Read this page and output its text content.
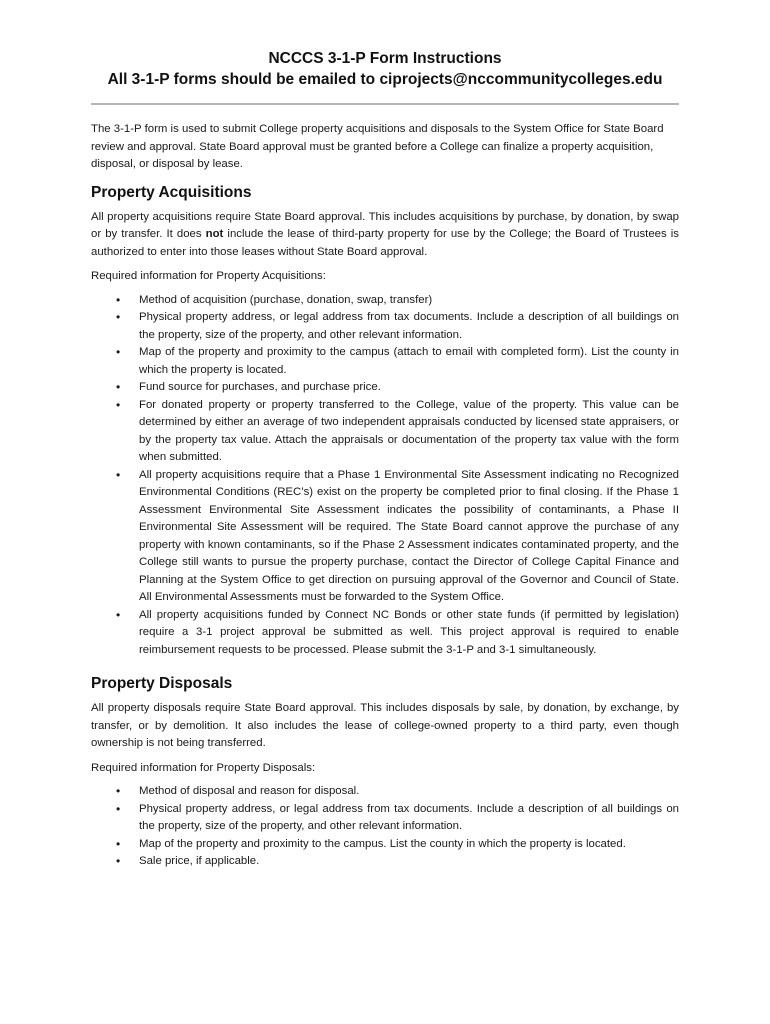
NCCCS 3-1-P Form Instructions
All 3-1-P forms should be emailed to ciprojects@nccommunitycolleges.edu

The 3-1-P form is used to submit College property acquisitions and disposals to the System Office for State Board review and approval. State Board approval must be granted before a College can finalize a property acquisition, disposal, or disposal by lease.

Property Acquisitions

All property acquisitions require State Board approval. This includes acquisitions by purchase, by donation, by swap or by transfer. It does not include the lease of third-party property for use by the College; the Board of Trustees is authorized to enter into those leases without State Board approval.

Required information for Property Acquisitions:

• Method of acquisition (purchase, donation, swap, transfer)
• Physical property address, or legal address from tax documents. Include a description of all buildings on the property, size of the property, and other relevant information.
• Map of the property and proximity to the campus (attach to email with completed form). List the county in which the property is located.
• Fund source for purchases, and purchase price.
• For donated property or property transferred to the College, value of the property. This value can be determined by either an average of two independent appraisals conducted by licensed state appraisers, or by the property tax value. Attach the appraisals or documentation of the property tax value with the form when submitted.
• All property acquisitions require that a Phase 1 Environmental Site Assessment indicating no Recognized Environmental Conditions (REC’s) exist on the property be completed prior to final closing. If the Phase 1 Assessment Environmental Site Assessment indicates the possibility of contaminants, a Phase II Environmental Site Assessment will be required. The State Board cannot approve the purchase of any property with known contaminants, so if the Phase 2 Assessment indicates contaminated property, and the College still wants to pursue the property purchase, contact the Director of College Capital Finance and Planning at the System Office to get direction on pursuing approval of the Governor and Council of State. All Environmental Assessments must be forwarded to the System Office.
• All property acquisitions funded by Connect NC Bonds or other state funds (if permitted by legislation) require a 3-1 project approval be submitted as well. This project approval is required to enable reimbursement requests to be processed. Please submit the 3-1-P and 3-1 simultaneously.
Property Disposals

All property disposals require State Board approval. This includes disposals by sale, by donation, by exchange, by transfer, or by demolition. It also includes the lease of college-owned property to a third party, even though ownership is not being transferred.

Required information for Property Disposals:

• Method of disposal and reason for disposal.
• Physical property address, or legal address from tax documents. Include a description of all buildings on the property, size of the property, and other relevant information.
• Map of the property and proximity to the campus. List the county in which the property is located.
• Sale price, if applicable.
